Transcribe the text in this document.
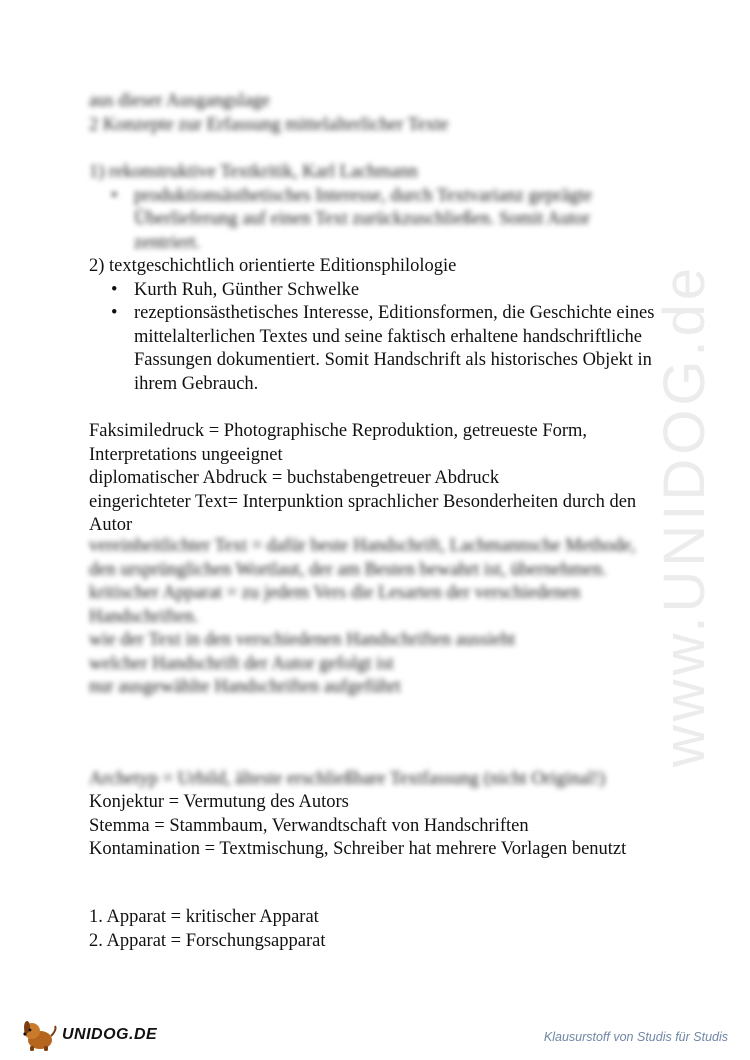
www.UNIDOG.de
aus dieser Ausgangslage
2 Konzepte zur Erfassung mittelalterlicher Texte
1) rekonstruktive Textkritik, Karl Lachmann
• produktionsästhetisches Interesse, durch Textvarianz geprägte Überlieferung auf einen Text zurückzuschließen. Somit Autor zentriert.
2) textgeschichtlich orientierte Editionsphilologie
• Kurth Ruh, Günther Schwelke
• rezeptionsästhetisches Interesse, Editionsformen, die Geschichte eines mittelalterlichen Textes und seine faktisch erhaltene handschriftliche Fassungen dokumentiert. Somit Handschrift als historisches Objekt in ihrem Gebrauch.
Faksimiledruck = Photographische Reproduktion, getreueste Form, Interpretations ungeeignet
diplomatischer Abdruck = buchstabengetreuer Abdruck
eingerichteter Text= Interpunktion sprachlicher Besonderheiten durch den Autor
vereinheitlichter Text = dafür beste Handschrift, Lachmannsche Methode, den ursprünglichen Wortlaut, der am Besten bewahrt ist, übernehmen.
kritischer Apparat = zu jedem Vers die Lesarten der verschiedenen Handschriften.
wie der Text in den verschiedenen Handschriften aussieht
welcher Handschrift der Autor gefolgt ist
nur ausgewählte Handschriften aufgeführt
Archetyp = Urbild, älteste erschließbare Textfassung (nicht Original!)
Konjektur = Vermutung des Autors
Stemma = Stammbaum, Verwandtschaft von Handschriften
Kontamination = Textmischung, Schreiber hat mehrere Vorlagen benutzt
1. Apparat = kritischer Apparat
2. Apparat = Forschungsapparat
UNIDOG.DE	Klausurstoff von Studis für Studis
